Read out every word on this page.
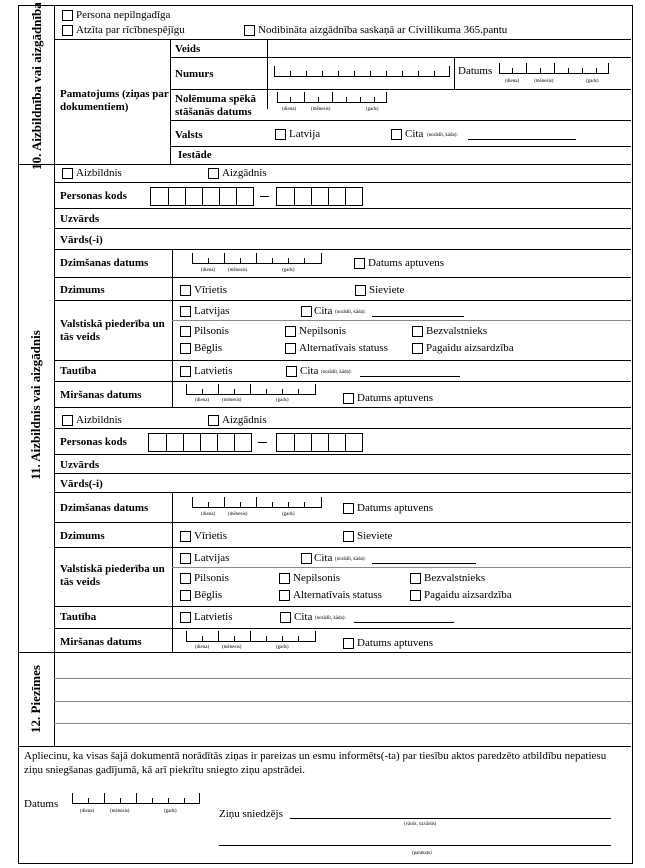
10. Aizbildnība vai aizgādnība	Persona nepilngadīga
Atzīta par rīcībnespējīgu	Nodibināta aizgādnība saskaņā ar Civillikuma 365.pantu
Pamatojums (ziņas par dokumentiem)
Veids
Numurs	Datums
(diena)	(mēnesis)	(gads)
Nolēmuma spēkā stāšanās datums	(diena)	(mēnesis)	(gads)
Valsts	Latvija	Cita (norādīt, kāda):
Iestāde
11. Aizbildnis vai aizgādnis
Aizbildnis	Aizgādnis
Personas kods
Uzvārds
Vārds(-i)
Dzimšanas datums
(diena)	(mēnesis)	(gads)
Datums aptuvens
Dzimums	Vīrietis	Sieviete
Valstiskā piederība un tās veids
Latvijas	Cita (norādīt, kāda):
Pilsonis	Nepilsonis	Bezvalstnieks
Bēglis	Alternatīvais statuss	Pagaidu aizsardzība
Tautība	Latvietis	Cita (norādīt, kāda):
Miršanas datums	(diena)	(mēnesis)	(gads)	Datums aptuvens
Aizbildnis	Aizgādnis
Personas kods
Uzvārds
Vārds(-i)
Dzimšanas datums
(diena)	(mēnesis)	(gads)
Datums aptuvens
Dzimums	Vīrietis	Sieviete
Valstiskā piederība un tās veids
Latvijas	Cita (norādīt, kāda):
Pilsonis	Nepilsonis	Bezvalstnieks
Bēglis	Alternatīvais statuss	Pagaidu aizsardzība
Tautība	Latvietis	Cita (norādīt, kāda):
Miršanas datums	(diena)	(mēnesis)	(gads)	Datums aptuvens
12. Piezīmes
Apliecinu, ka visas šajā dokumentā norādītās ziņas ir pareizas un esmu informēts(-ta) par tiesību aktos paredzēto atbildību nepatiesu ziņu sniegšanas gadījumā, kā arī piekrītu sniegto ziņu apstrādei.
Datums
(diena)	(mēnesis)	(gads)	Ziņu sniedzējs
(vārds, uzvārds)
(paraksts)
